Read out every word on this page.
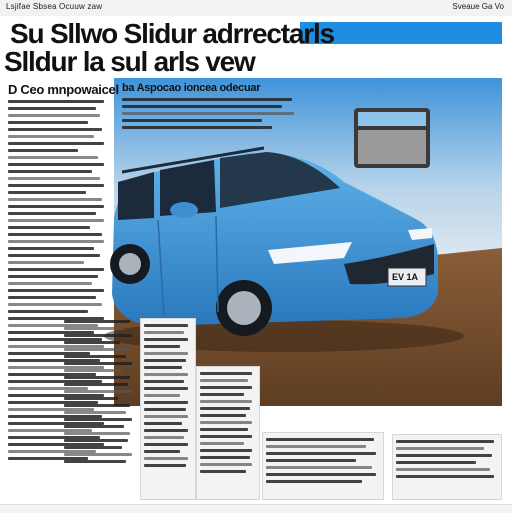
Lsjifae Sbsea Ocuuw zaw	Sveaue Ga Vo
Su Sllwo Slidur adrrectarls
Slldur la sul arls vew
EV 1A
D Ceo mnpowaicel ba Aspocao ioncea odecuar
